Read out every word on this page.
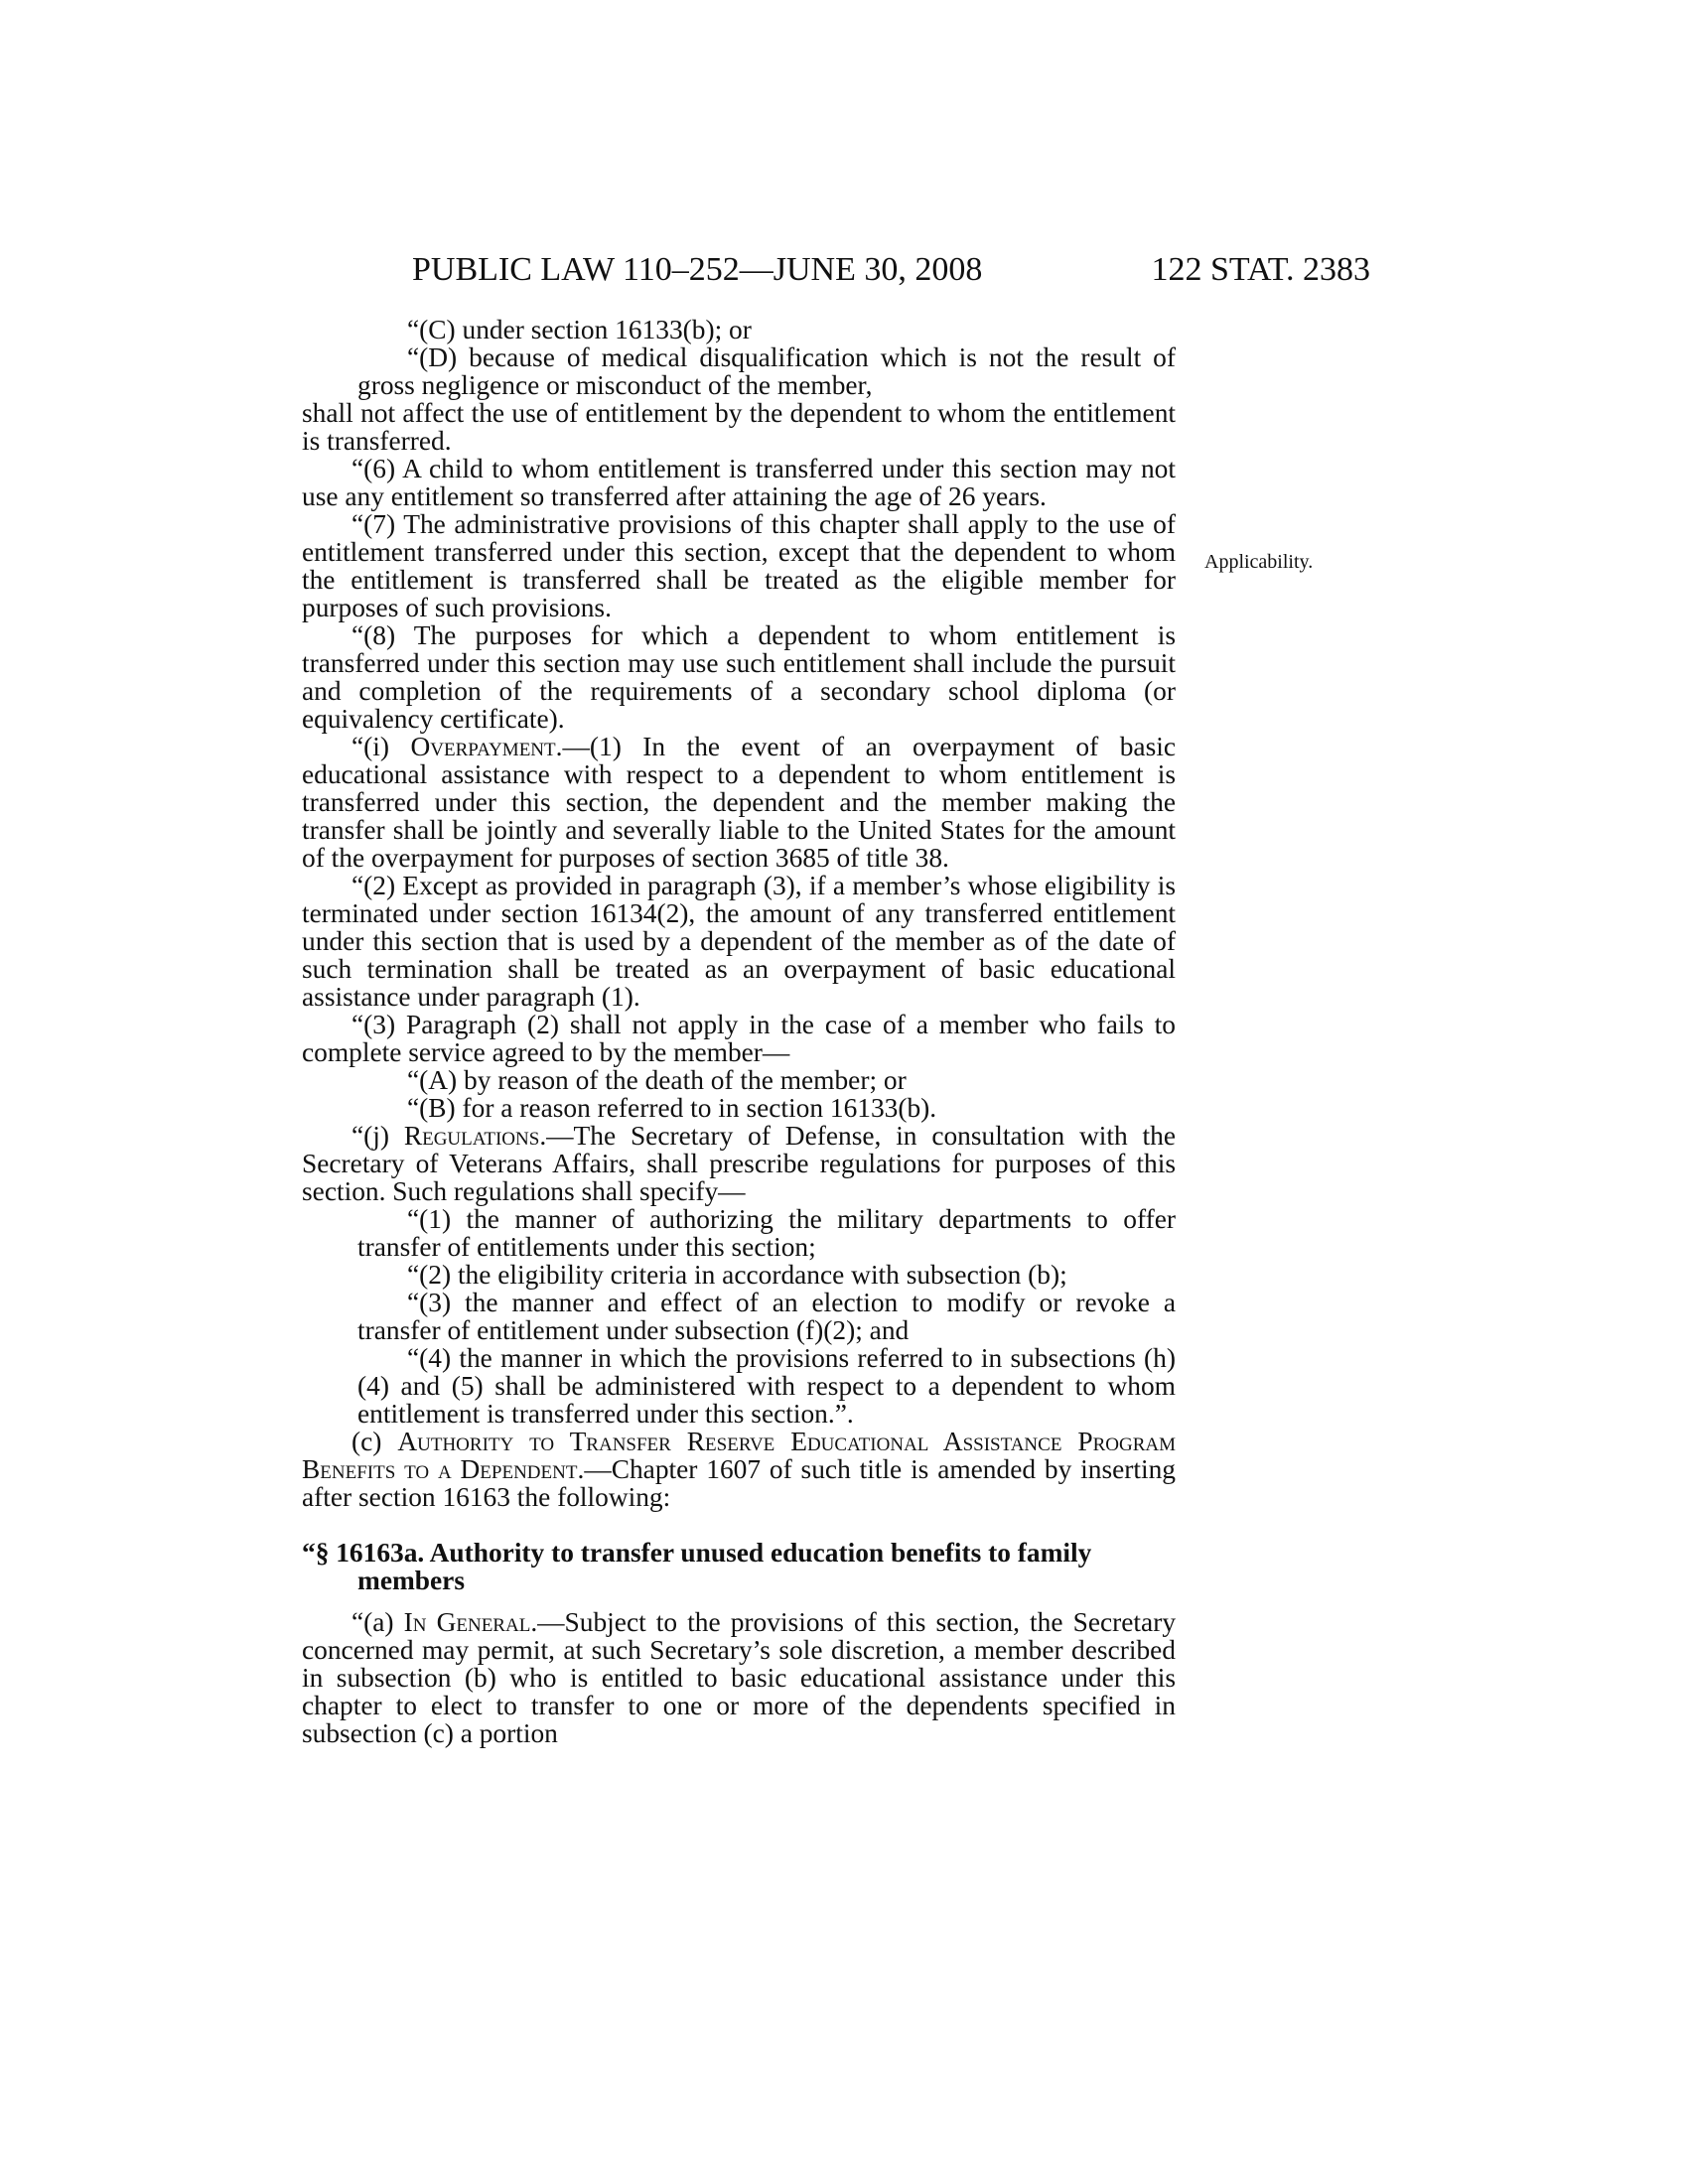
PUBLIC LAW 110–252—JUNE 30, 2008	122 STAT. 2383
Applicability.

“(C) under section 16133(b); or

“(D) because of medical disqualification which is not the result of gross negligence or misconduct of the member,

shall not affect the use of entitlement by the dependent to whom the entitlement is transferred.

“(6) A child to whom entitlement is transferred under this section may not use any entitlement so transferred after attaining the age of 26 years.

“(7) The administrative provisions of this chapter shall apply to the use of entitlement transferred under this section, except that the dependent to whom the entitlement is transferred shall be treated as the eligible member for purposes of such provisions.

“(8) The purposes for which a dependent to whom entitlement is transferred under this section may use such entitlement shall include the pursuit and completion of the requirements of a secondary school diploma (or equivalency certificate).

“(i) Overpayment.—(1) In the event of an overpayment of basic educational assistance with respect to a dependent to whom entitlement is transferred under this section, the dependent and the member making the transfer shall be jointly and severally liable to the United States for the amount of the overpayment for purposes of section 3685 of title 38.

“(2) Except as provided in paragraph (3), if a member’s whose eligibility is terminated under section 16134(2), the amount of any transferred entitlement under this section that is used by a dependent of the member as of the date of such termination shall be treated as an overpayment of basic educational assistance under paragraph (1).

“(3) Paragraph (2) shall not apply in the case of a member who fails to complete service agreed to by the member—

“(A) by reason of the death of the member; or

“(B) for a reason referred to in section 16133(b).

“(j) Regulations.—The Secretary of Defense, in consultation with the Secretary of Veterans Affairs, shall prescribe regulations for purposes of this section. Such regulations shall specify—

“(1) the manner of authorizing the military departments to offer transfer of entitlements under this section;

“(2) the eligibility criteria in accordance with subsection (b);

“(3) the manner and effect of an election to modify or revoke a transfer of entitlement under subsection (f)(2); and

“(4) the manner in which the provisions referred to in subsections (h)(4) and (5) shall be administered with respect to a dependent to whom entitlement is transferred under this section.”.

(c) Authority to Transfer Reserve Educational Assistance Program Benefits to a Dependent.—Chapter 1607 of such title is amended by inserting after section 16163 the following:

“§ 16163a. Authority to transfer unused education benefits to family members

“(a) In General.—Subject to the provisions of this section, the Secretary concerned may permit, at such Secretary’s sole discretion, a member described in subsection (b) who is entitled to basic educational assistance under this chapter to elect to transfer to one or more of the dependents specified in subsection (c) a portion
